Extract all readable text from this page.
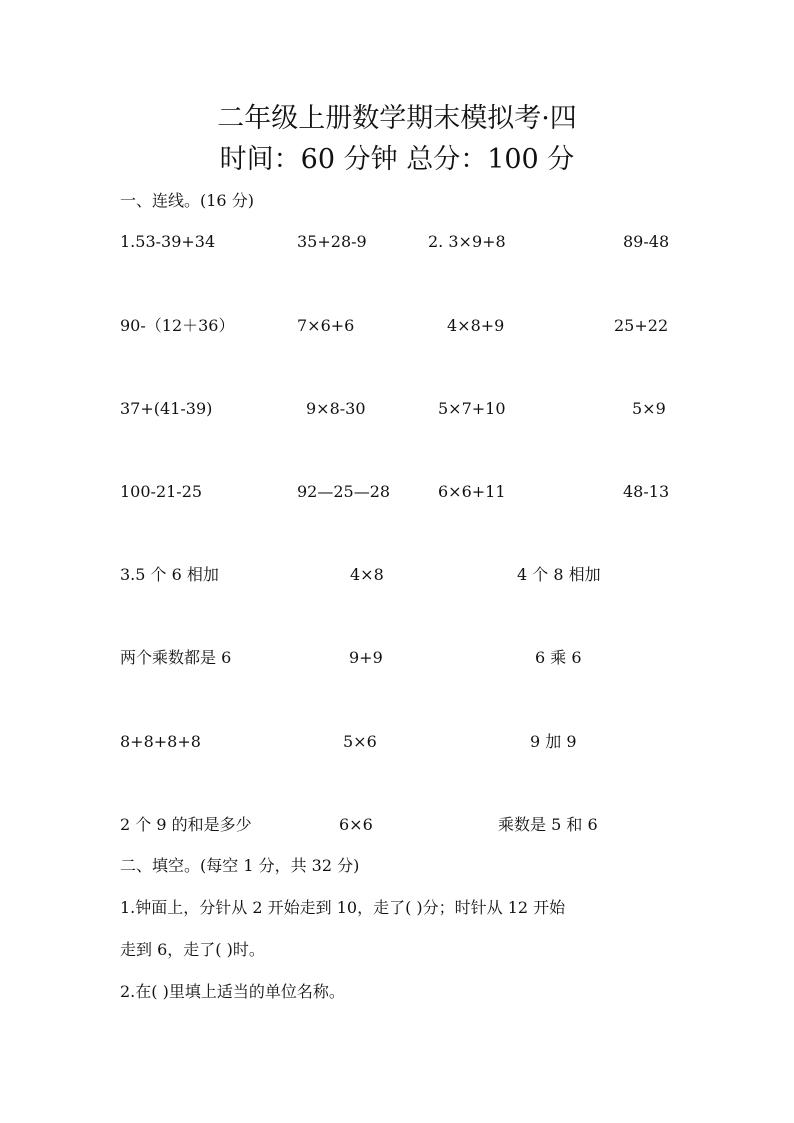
二年级上册数学期末模拟考·四
时间：60 分钟 总分：100 分
一、连线。(16 分)
1.53-39+34	35+28-9	2. 3×9+8	89-48
90-（12＋36）	7×6+6	4×8+9	25+22
37+(41-39)	9×8-30	5×7+10	5×9
100-21-25	92—25—28	6×6+11	48-13
3.5 个 6 相加	4×8	4 个 8 相加
两个乘数都是 6	9+9	6 乘 6
8+8+8+8	5×6	9 加 9
2 个 9 的和是多少	6×6	乘数是 5 和 6
二、填空。(每空 1 分，共 32 分)
1.钟面上，分针从 2 开始走到 10，走了( )分；时针从 12 开始
走到 6，走了( )时。
2.在( )里填上适当的单位名称。
